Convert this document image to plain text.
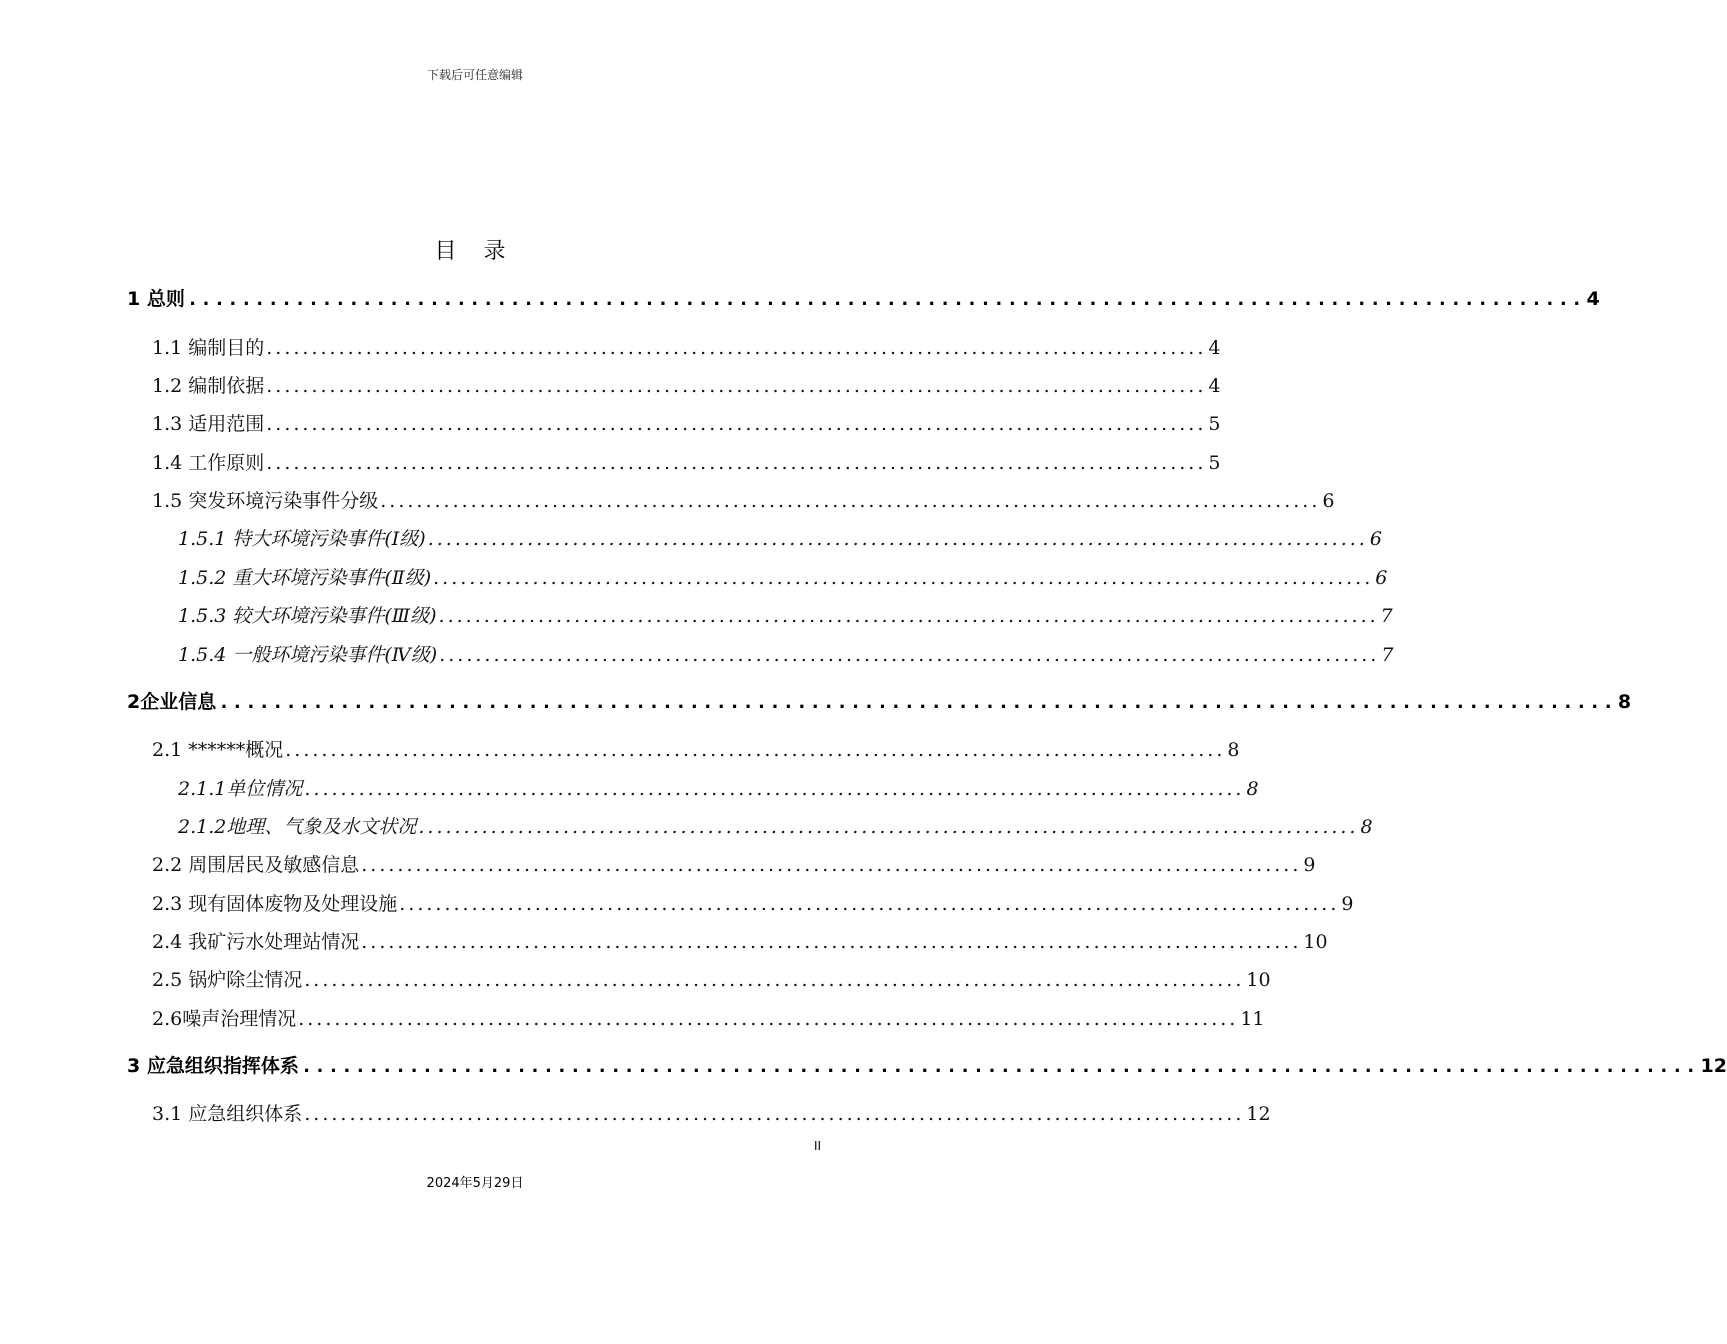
下载后可任意编辑
目 录
1 总则 ........................................................................................................ 4
1.1 编制目的 ........................................................................................................ 4
1.2 编制依据 ........................................................................................................ 4
1.3 适用范围 ........................................................................................................ 5
1.4 工作原则 ........................................................................................................ 5
1.5 突发环境污染事件分级 ........................................................................................................ 6
1.5.1 特大环境污染事件(Ⅰ级) ........................................................................................................ 6
1.5.2 重大环境污染事件(Ⅱ级) ........................................................................................................ 6
1.5.3 较大环境污染事件(Ⅲ级) ........................................................................................................ 7
1.5.4 一般环境污染事件(Ⅳ级) ........................................................................................................ 7
2企业信息 ........................................................................................................ 8
2.1 ******概况 ........................................................................................................ 8
2.1.1单位情况 ........................................................................................................ 8
2.1.2地理、气象及水文状况 ........................................................................................................ 8
2.2 周围居民及敏感信息 ........................................................................................................ 9
2.3 现有固体废物及处理设施 ........................................................................................................ 9
2.4 我矿污水处理站情况 ........................................................................................................ 10
2.5 锅炉除尘情况 ........................................................................................................ 10
2.6噪声治理情况 ........................................................................................................ 11
3 应急组织指挥体系 ........................................................................................................ 12
3.1 应急组织体系 ........................................................................................................ 12
II
2024年5月29日
